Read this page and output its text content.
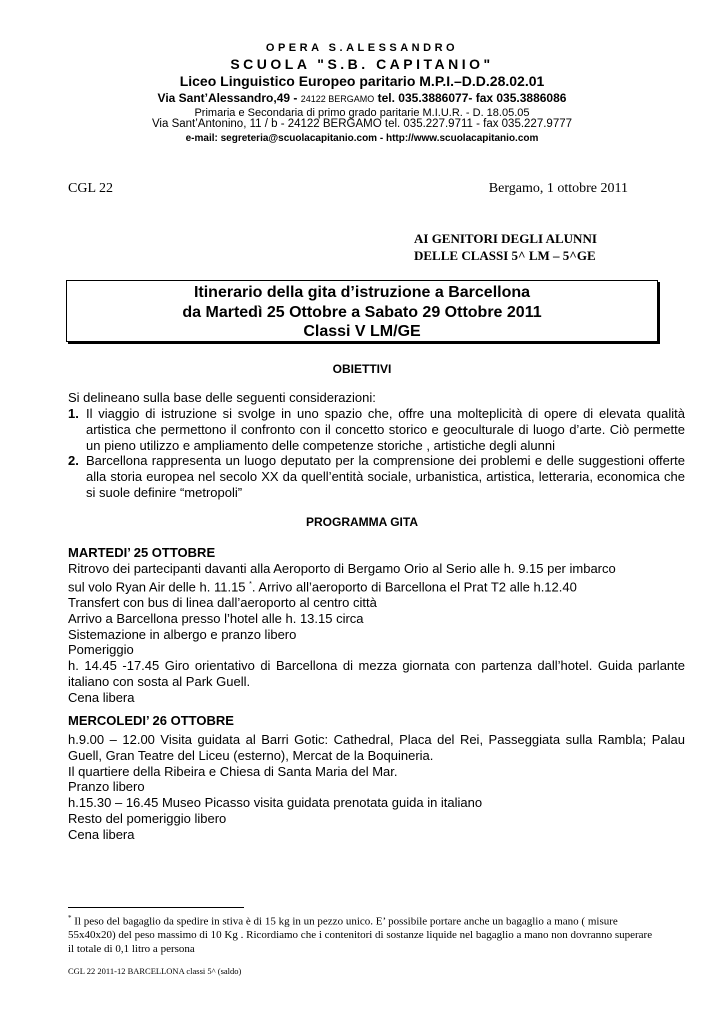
OPERA S.ALESSANDRO
SCUOLA "S.B. CAPITANIO"
Liceo Linguistico Europeo paritario M.P.I.–D.D.28.02.01
Via Sant’Alessandro,49 - 24122 BERGAMO tel. 035.3886077- fax 035.3886086
Primaria e Secondaria di primo grado paritarie M.I.U.R. - D. 18.05.05
Via Sant’Antonino, 11 / b - 24122 BERGAMO tel. 035.227.9711 - fax 035.227.9777
e-mail: segreteria@scuolacapitanio.com - http://www.scuolacapitanio.com
CGL 22	Bergamo, 1 ottobre 2011
AI GENITORI DEGLI ALUNNI
DELLE CLASSI 5^ LM – 5^GE
Itinerario della gita d’istruzione a Barcellona
da Martedì 25 Ottobre a Sabato 29 Ottobre 2011
Classi V LM/GE
OBIETTIVI
Si delineano sulla base delle seguenti considerazioni:
1. Il viaggio di istruzione si svolge in uno spazio che, offre una molteplicità di opere di elevata qualità artistica che permettono il confronto con il concetto storico e geoculturale di luogo d’arte. Ciò permette un pieno utilizzo e ampliamento delle competenze storiche , artistiche degli alunni
2. Barcellona rappresenta un luogo deputato per la comprensione dei problemi e delle suggestioni offerte alla storia europea nel secolo XX da quell’entità sociale, urbanistica, artistica, letteraria, economica che si suole definire “metropoli”
PROGRAMMA GITA
MARTEDI’ 25 OTTOBRE
Ritrovo dei partecipanti davanti alla Aeroporto di Bergamo Orio al Serio alle h. 9.15 per imbarco
sul volo Ryan Air delle h. 11.15 *. Arrivo all’aeroporto di Barcellona el Prat T2 alle h.12.40
Transfert con bus di linea dall’aeroporto al centro città
Arrivo a Barcellona presso l’hotel alle h. 13.15 circa
Sistemazione in albergo e pranzo libero
Pomeriggio
h. 14.45 -17.45 Giro orientativo di Barcellona di mezza giornata con partenza dall’hotel. Guida parlante italiano con sosta al Park Guell.
Cena libera
MERCOLEDI’ 26 OTTOBRE
h.9.00 – 12.00 Visita guidata al Barri Gotic: Cathedral, Placa del Rei, Passeggiata sulla Rambla; Palau Guell, Gran Teatre del Liceu (esterno), Mercat de la Boquineria.
Il quartiere della Ribeira e Chiesa di Santa Maria del Mar.
Pranzo libero
h.15.30 – 16.45 Museo Picasso visita guidata prenotata guida in italiano
Resto del pomeriggio libero
Cena libera
* Il peso del bagaglio da spedire in stiva è di 15 kg in un pezzo unico. E’ possibile portare anche un bagaglio a mano ( misure 55x40x20) del peso massimo di 10 Kg . Ricordiamo che i contenitori di sostanze liquide nel bagaglio a mano non dovranno superare il totale di 0,1 litro a persona
CGL 22 2011-12 BARCELLONA classi 5^ (saldo)
